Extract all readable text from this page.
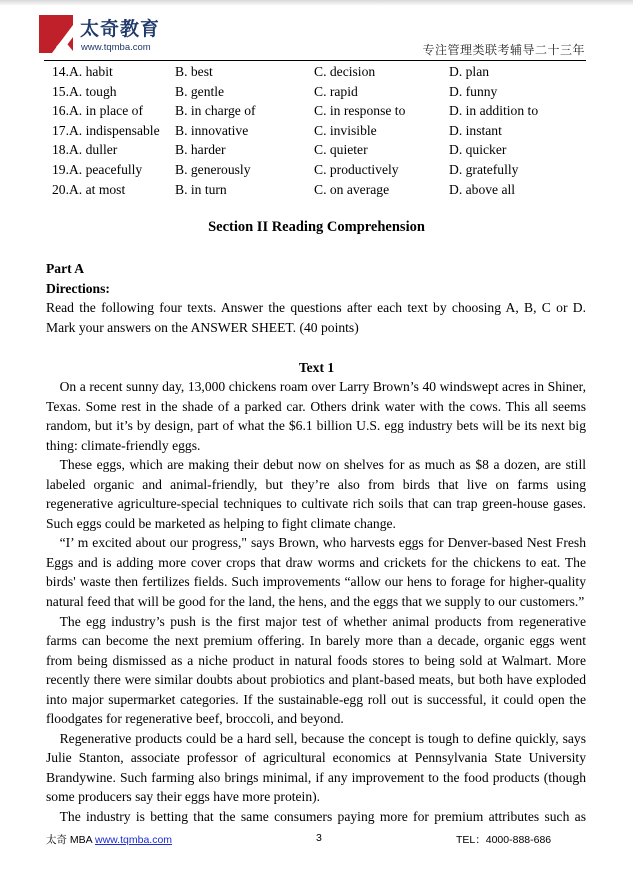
太奇教育
www.tqmba.com	专注管理类联考辅导二十三年
14.A. habit	B. best	C. decision	D. plan
15.A. tough	B. gentle	C. rapid	D. funny
16.A. in place of B. in charge of	C. in response to	D. in addition to
17.A. indispensable B. innovative	C. invisible	D. instant
18.A. duller	B. harder	C. quieter	D. quicker
19.A. peacefully B. generously	C. productively	D. gratefully
20.A. at most	B. in turn	C. on average	D. above all
Section II Reading Comprehension
Part A
Directions:
Read the following four texts. Answer the questions after each text by choosing A, B, C or D. Mark your answers on the ANSWER SHEET. (40 points)
Text 1

On a recent sunny day, 13,000 chickens roam over Larry Brown’s 40 windswept acres in Shiner, Texas. Some rest in the shade of a parked car. Others drink water with the cows. This all seems random, but it’s by design, part of what the $6.1 billion U.S. egg industry bets will be its next big thing: climate-friendly eggs.

These eggs, which are making their debut now on shelves for as much as $8 a dozen, are still labeled organic and animal-friendly, but they’re also from birds that live on farms using regenerative agriculture-special techniques to cultivate rich soils that can trap green-house gases. Such eggs could be marketed as helping to fight climate change.

“I’ m excited about our progress," says Brown, who harvests eggs for Denver-based Nest Fresh Eggs and is adding more cover crops that draw worms and crickets for the chickens to eat. The birds' waste then fertilizes fields. Such improvements “allow our hens to forage for higher-quality natural feed that will be good for the land, the hens, and the eggs that we supply to our customers.”

The egg industry’s push is the first major test of whether animal products from regenerative farms can become the next premium offering. In barely more than a decade, organic eggs went from being dismissed as a niche product in natural foods stores to being sold at Walmart. More recently there were similar doubts about probiotics and plant-based meats, but both have exploded into major supermarket categories. If the sustainable-egg roll out is successful, it could open the floodgates for regenerative beef, broccoli, and beyond.

Regenerative products could be a hard sell, because the concept is tough to define quickly, says Julie Stanton, associate professor of agricultural economics at Pennsylvania State University Brandywine. Such farming also brings minimal, if any improvement to the food products (though some producers say their eggs have more protein).

The industry is betting that the same consumers paying more for premium attributes such as

太奇 MBA www.tqmba.com	3	TEL：4000-888-686
